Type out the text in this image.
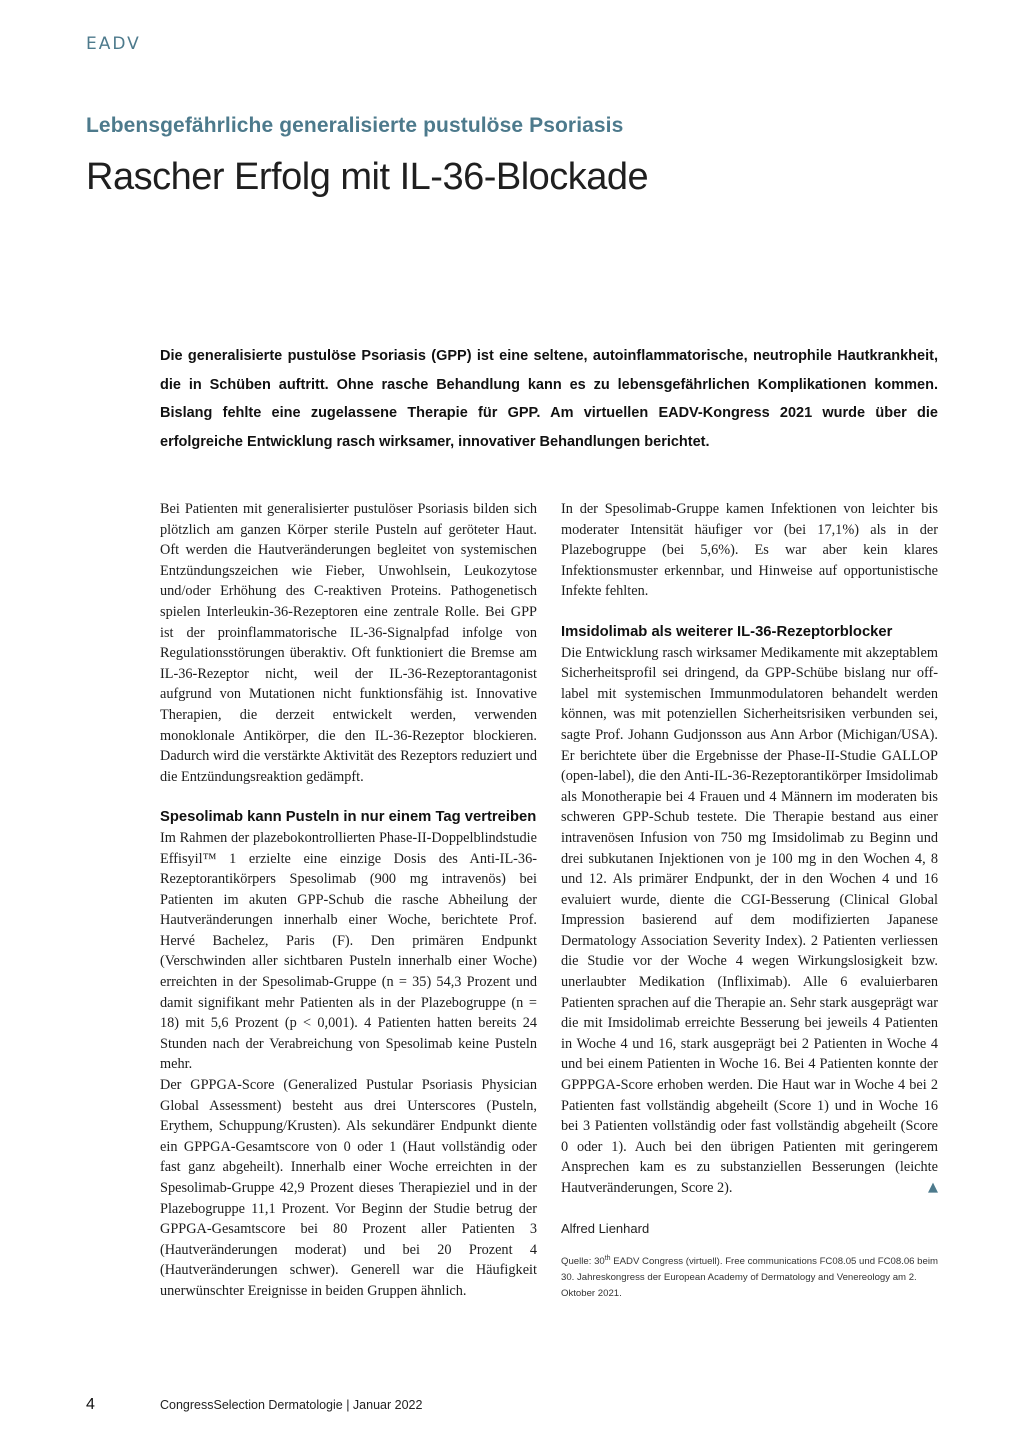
EADV

Lebensgefährliche generalisierte pustulöse Psoriasis

Rascher Erfolg mit IL-36-Blockade

Die generalisierte pustulöse Psoriasis (GPP) ist eine seltene, autoinflammatorische, neutrophile Hautkrankheit, die in Schüben auftritt. Ohne rasche Behandlung kann es zu lebensgefährlichen Komplikationen kommen. Bislang fehlte eine zugelassene Therapie für GPP. Am virtuellen EADV-Kongress 2021 wurde über die erfolgreiche Entwicklung rasch wirksamer, innovativer Behandlungen berichtet.

Bei Patienten mit generalisierter pustulöser Psoriasis bilden sich plötzlich am ganzen Körper sterile Pusteln auf geröteter Haut. Oft werden die Hautveränderungen begleitet von systemischen Entzündungszeichen wie Fieber, Unwohlsein, Leukozytose und/oder Erhöhung des C-reaktiven Proteins. Pathogenetisch spielen Interleukin-36-Rezeptoren eine zentrale Rolle. Bei GPP ist der proinflammatorische IL-36-Signalpfad infolge von Regulationsstörungen überaktiv. Oft funktioniert die Bremse am IL-36-Rezeptor nicht, weil der IL-36-Rezeptorantagonist aufgrund von Mutationen nicht funktionsfähig ist. Innovative Therapien, die derzeit entwickelt werden, verwenden monoklonale Antikörper, die den IL-36-Rezeptor blockieren. Dadurch wird die verstärkte Aktivität des Rezeptors reduziert und die Entzündungsreaktion gedämpft.

Spesolimab kann Pusteln in nur einem Tag vertreiben

Im Rahmen der plazebokontrollierten Phase-II-Doppelblindstudie Effisyil™ 1 erzielte eine einzige Dosis des Anti-IL-36-Rezeptorantikörpers Spesolimab (900 mg intravenös) bei Patienten im akuten GPP-Schub die rasche Abheilung der Hautveränderungen innerhalb einer Woche, berichtete Prof. Hervé Bachelez, Paris (F). Den primären Endpunkt (Verschwinden aller sichtbaren Pusteln innerhalb einer Woche) erreichten in der Spesolimab-Gruppe (n = 35) 54,3 Prozent und damit signifikant mehr Patienten als in der Plazebogruppe (n = 18) mit 5,6 Prozent (p < 0,001). 4 Patienten hatten bereits 24 Stunden nach der Verabreichung von Spesolimab keine Pusteln mehr.

Der GPPGA-Score (Generalized Pustular Psoriasis Physician Global Assessment) besteht aus drei Unterscores (Pusteln, Erythem, Schuppung/Krusten). Als sekundärer Endpunkt diente ein GPPGA-Gesamtscore von 0 oder 1 (Haut vollständig oder fast ganz abgeheilt). Innerhalb einer Woche erreichten in der Spesolimab-Gruppe 42,9 Prozent dieses Therapieziel und in der Plazebogruppe 11,1 Prozent. Vor Beginn der Studie betrug der GPPGA-Gesamtscore bei 80 Prozent aller Patienten 3 (Hautveränderungen moderat) und bei 20 Prozent 4 (Hautveränderungen schwer). Generell war die Häufigkeit unerwünschter Ereignisse in beiden Gruppen ähnlich.

In der Spesolimab-Gruppe kamen Infektionen von leichter bis moderater Intensität häufiger vor (bei 17,1%) als in der Plazebogruppe (bei 5,6%). Es war aber kein klares Infektionsmuster erkennbar, und Hinweise auf opportunistische Infekte fehlten.

Imsidolimab als weiterer IL-36-Rezeptorblocker

Die Entwicklung rasch wirksamer Medikamente mit akzeptablem Sicherheitsprofil sei dringend, da GPP-Schübe bislang nur off-label mit systemischen Immunmodulatoren behandelt werden können, was mit potenziellen Sicherheitsrisiken verbunden sei, sagte Prof. Johann Gudjonsson aus Ann Arbor (Michigan/USA). Er berichtete über die Ergebnisse der Phase-II-Studie GALLOP (open-label), die den Anti-IL-36-Rezeptorantikörper Imsidolimab als Monotherapie bei 4 Frauen und 4 Männern im moderaten bis schweren GPP-Schub testete. Die Therapie bestand aus einer intravenösen Infusion von 750 mg Imsidolimab zu Beginn und drei subkutanen Injektionen von je 100 mg in den Wochen 4, 8 und 12. Als primärer Endpunkt, der in den Wochen 4 und 16 evaluiert wurde, diente die CGI-Besserung (Clinical Global Impression basierend auf dem modifizierten Japanese Dermatology Association Severity Index). 2 Patienten verliessen die Studie vor der Woche 4 wegen Wirkungslosigkeit bzw. unerlaubter Medikation (Infliximab). Alle 6 evaluierbaren Patienten sprachen auf die Therapie an. Sehr stark ausgeprägt war die mit Imsidolimab erreichte Besserung bei jeweils 4 Patienten in Woche 4 und 16, stark ausgeprägt bei 2 Patienten in Woche 4 und bei einem Patienten in Woche 16. Bei 4 Patienten konnte der GPPPGA-Score erhoben werden. Die Haut war in Woche 4 bei 2 Patienten fast vollständig abgeheilt (Score 1) und in Woche 16 bei 3 Patienten vollständig oder fast vollständig abgeheilt (Score 0 oder 1). Auch bei den übrigen Patienten mit geringerem Ansprechen kam es zu substanziellen Besserungen (leichte Hautveränderungen, Score 2).	▲

Alfred Lienhard

Quelle: 30th EADV Congress (virtuell). Free communications FC08.05 und FC08.06 beim 30. Jahreskongress der European Academy of Dermatology and Venereology am 2. Oktober 2021.

4	CongressSelection Dermatologie | Januar 2022
